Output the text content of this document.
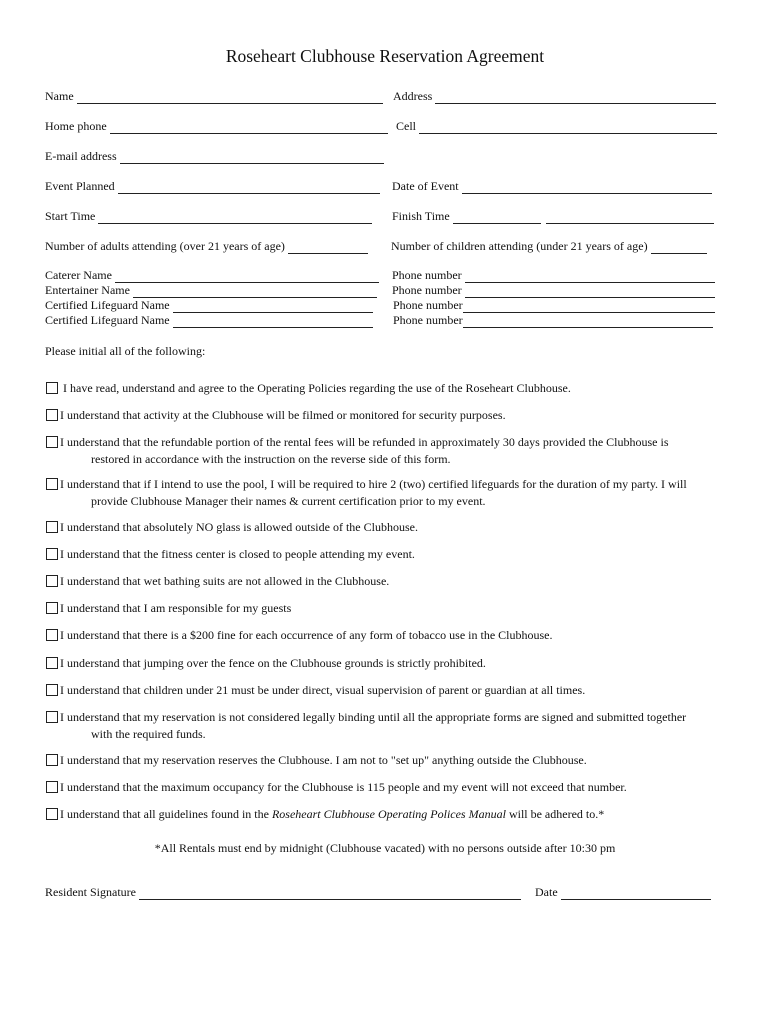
Roseheart Clubhouse Reservation Agreement
Name	Address
Home phone	Cell
E-mail address
Event Planned	Date of Event
Start Time	Finish Time
Number of adults attending (over 21 years of age)	Number of children attending (under 21 years of age)
Caterer Name	Phone number
Entertainer Name	Phone number
Certified Lifeguard Name	Phone number
Certified Lifeguard Name	Phone number
Please initial all of the following:
I have read, understand and agree to the Operating Policies regarding the use of the Roseheart Clubhouse.
I understand that activity at the Clubhouse will be filmed or monitored for security purposes.
I understand that the refundable portion of the rental fees will be refunded in approximately 30 days provided the Clubhouse is
restored in accordance with the instruction on the reverse side of this form.
I understand that if I intend to use the pool, I will be required to hire 2 (two) certified lifeguards for the duration of my party. I will
provide Clubhouse Manager their names & current certification prior to my event.
I understand that absolutely NO glass is allowed outside of the Clubhouse.
I understand that the fitness center is closed to people attending my event.
I understand that wet bathing suits are not allowed in the Clubhouse.
I understand that I am responsible for my guests
I understand that there is a $200 fine for each occurrence of any form of tobacco use in the Clubhouse.
I understand that jumping over the fence on the Clubhouse grounds is strictly prohibited.
I understand that children under 21 must be under direct, visual supervision of parent or guardian at all times.
I understand that my reservation is not considered legally binding until all the appropriate forms are signed and submitted together
with the required funds.
I understand that my reservation reserves the Clubhouse. I am not to "set up" anything outside the Clubhouse.
I understand that the maximum occupancy for the Clubhouse is 115 people and my event will not exceed that number.
I understand that all guidelines found in the Roseheart Clubhouse Operating Polices Manual will be adhered to.*
*All Rentals must end by midnight (Clubhouse vacated) with no persons outside after 10:30 pm
Resident Signature	Date
